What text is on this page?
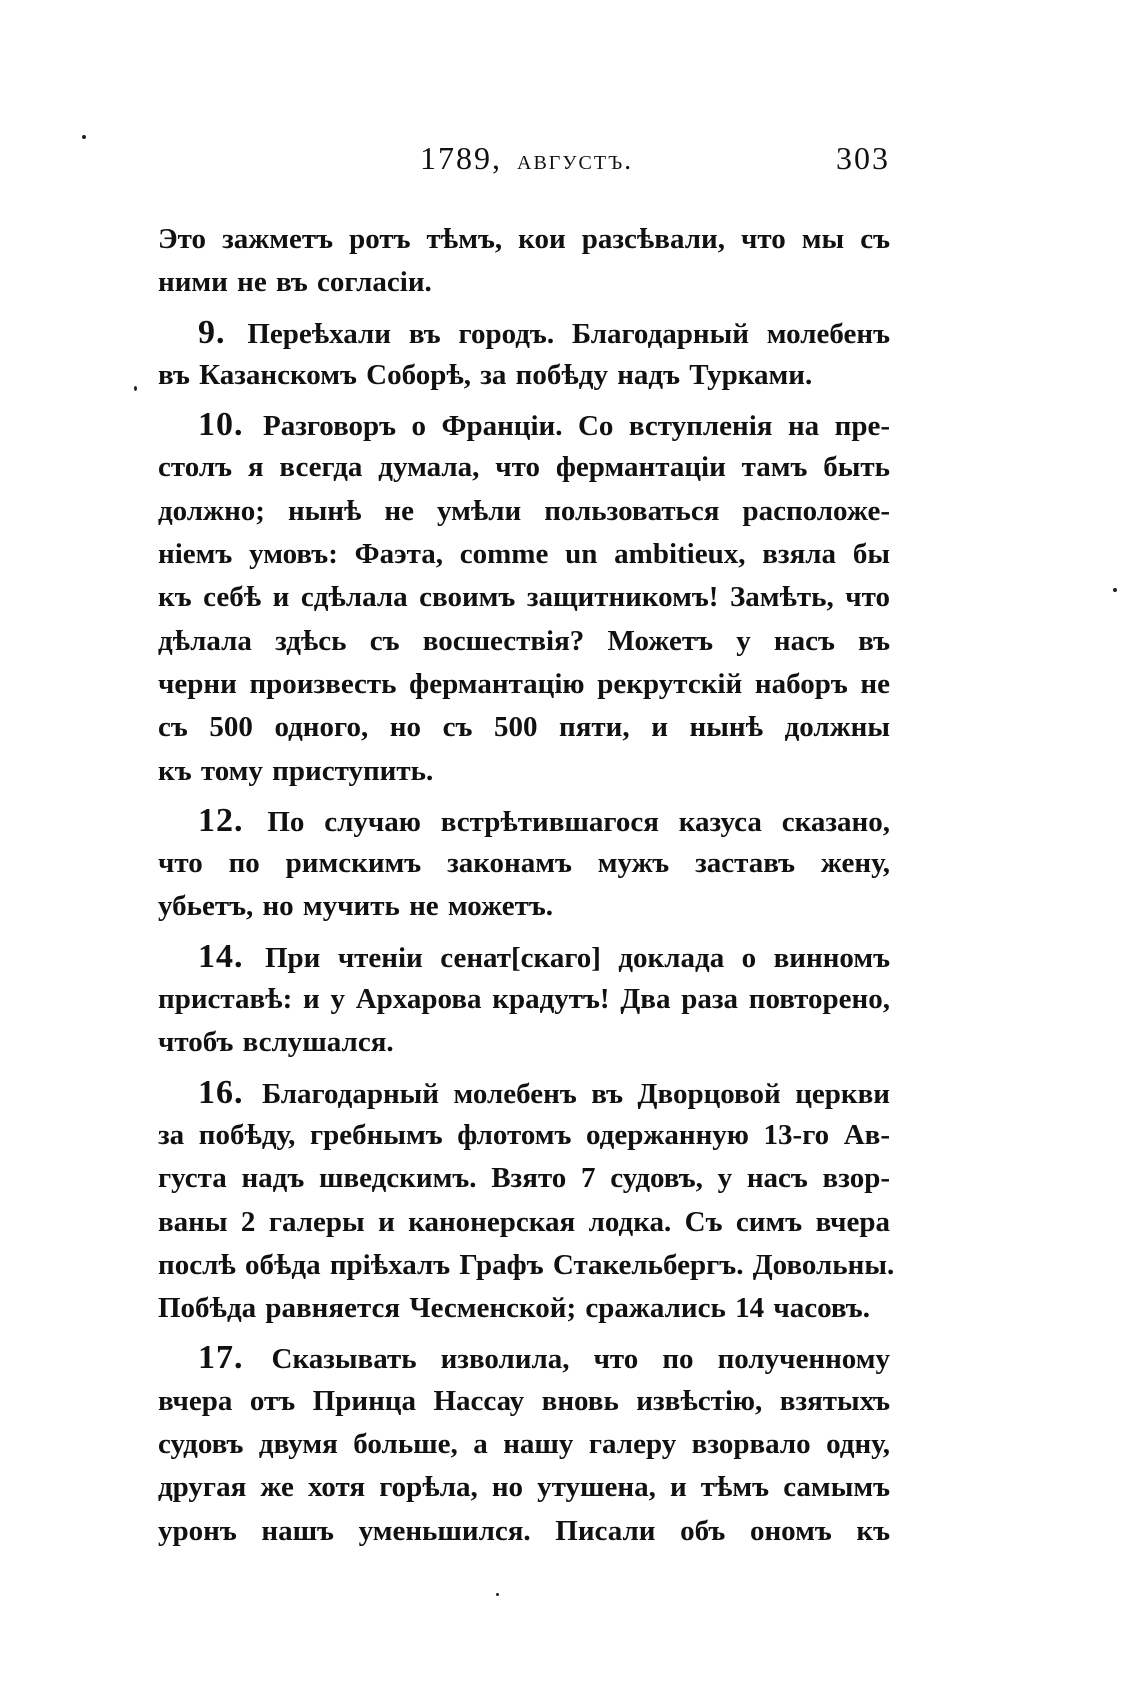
1789, августъ.	303
Это зажметъ ротъ тѣмъ, кои разсѣвали, что мы съ
ними не въ согласіи.
9. Переѣхали въ городъ. Благодарный молебенъ
въ Казанскомъ Соборѣ, за побѣду надъ Турками.
10. Разговоръ о Франціи. Со вступленія на пре-
столъ я всегда думала, что фермантаціи тамъ быть
должно; нынѣ не умѣли пользоваться расположе-
ніемъ умовъ: Фаэта, comme un ambitieux, взяла бы
къ себѣ и сдѣлала своимъ защитникомъ! Замѣть, что
дѣлала здѣсь съ восшествія? Можетъ у насъ въ
черни произвесть фермантацію рекрутскій наборъ не
съ 500 одного, но съ 500 пяти, и нынѣ должны
къ тому приступить.
12. По случаю встрѣтившагося казуса сказано,
что по римскимъ законамъ мужъ заставъ жену,
убьетъ, но мучить не можетъ.
14. При чтеніи сенат[скаго] доклада о винномъ
приставѣ: и у Архарова крадутъ! Два раза повторено,
чтобъ вслушался.
16. Благодарный молебенъ въ Дворцовой церкви
за побѣду, гребнымъ флотомъ одержанную 13-го Ав-
густа надъ шведскимъ. Взято 7 судовъ, у насъ взор-
ваны 2 галеры и канонерская лодка. Съ симъ вчера
послѣ обѣда пріѣхалъ Графъ Стакельбергъ. Довольны.
Побѣда равняется Чесменской; сражались 14 часовъ.
17. Сказывать изволила, что по полученному
вчера отъ Принца Нассау вновь извѣстію, взятыхъ
судовъ двумя больше, а нашу галеру взорвало одну,
другая же хотя горѣла, но утушена, и тѣмъ самымъ
уронъ нашъ уменьшился. Писали объ ономъ къ
